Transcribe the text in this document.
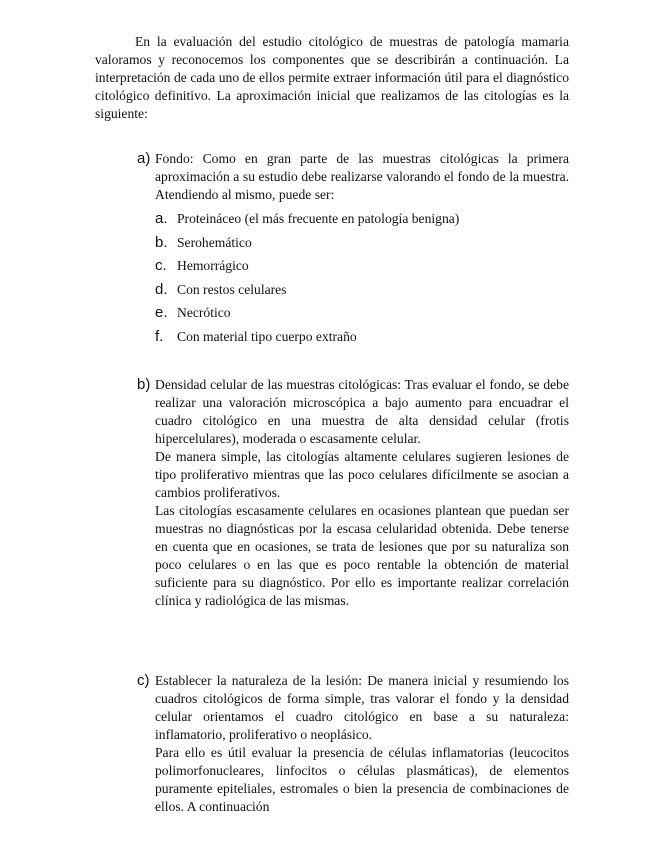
En la evaluación del estudio citológico de muestras de patología mamaria valoramos y reconocemos los componentes que se describirán a continuación. La interpretación de cada uno de ellos permite extraer información útil para el diagnóstico citológico definitivo. La aproximación inicial que realizamos de las citologías es la siguiente:

a) Fondo: Como en gran parte de las muestras citológicas la primera aproximación a su estudio debe realizarse valorando el fondo de la muestra. Atendiendo al mismo, puede ser:

a. Proteináceo (el más frecuente en patología benigna)
b. Serohemático
c. Hemorrágico
d. Con restos celulares
e. Necrótico
f. Con material tipo cuerpo extraño
b) Densidad celular de las muestras citológicas: Tras evaluar el fondo, se debe realizar una valoración microscópica a bajo aumento para encuadrar el cuadro citológico en una muestra de alta densidad celular (frotis hipercelulares), moderada o escasamente celular.

De manera simple, las citologías altamente celulares sugieren lesiones de tipo proliferativo mientras que las poco celulares difícilmente se asocian a cambios proliferativos.

Las citologías escasamente celulares en ocasiones plantean que puedan ser muestras no diagnósticas por la escasa celularidad obtenida. Debe tenerse en cuenta que en ocasiones, se trata de lesiones que por su naturaliza son poco celulares o en las que es poco rentable la obtención de material suficiente para su diagnóstico. Por ello es importante realizar correlación clínica y radiológica de las mismas.

c) Establecer la naturaleza de la lesión: De manera inicial y resumiendo los cuadros citológicos de forma simple, tras valorar el fondo y la densidad celular orientamos el cuadro citológico en base a su naturaleza: inflamatorio, proliferativo o neoplásico.

Para ello es útil evaluar la presencia de células inflamatorias (leucocitos polimorfonucleares, linfocitos o células plasmáticas), de elementos puramente epiteliales, estromales o bien la presencia de combinaciones de ellos. A continuación
